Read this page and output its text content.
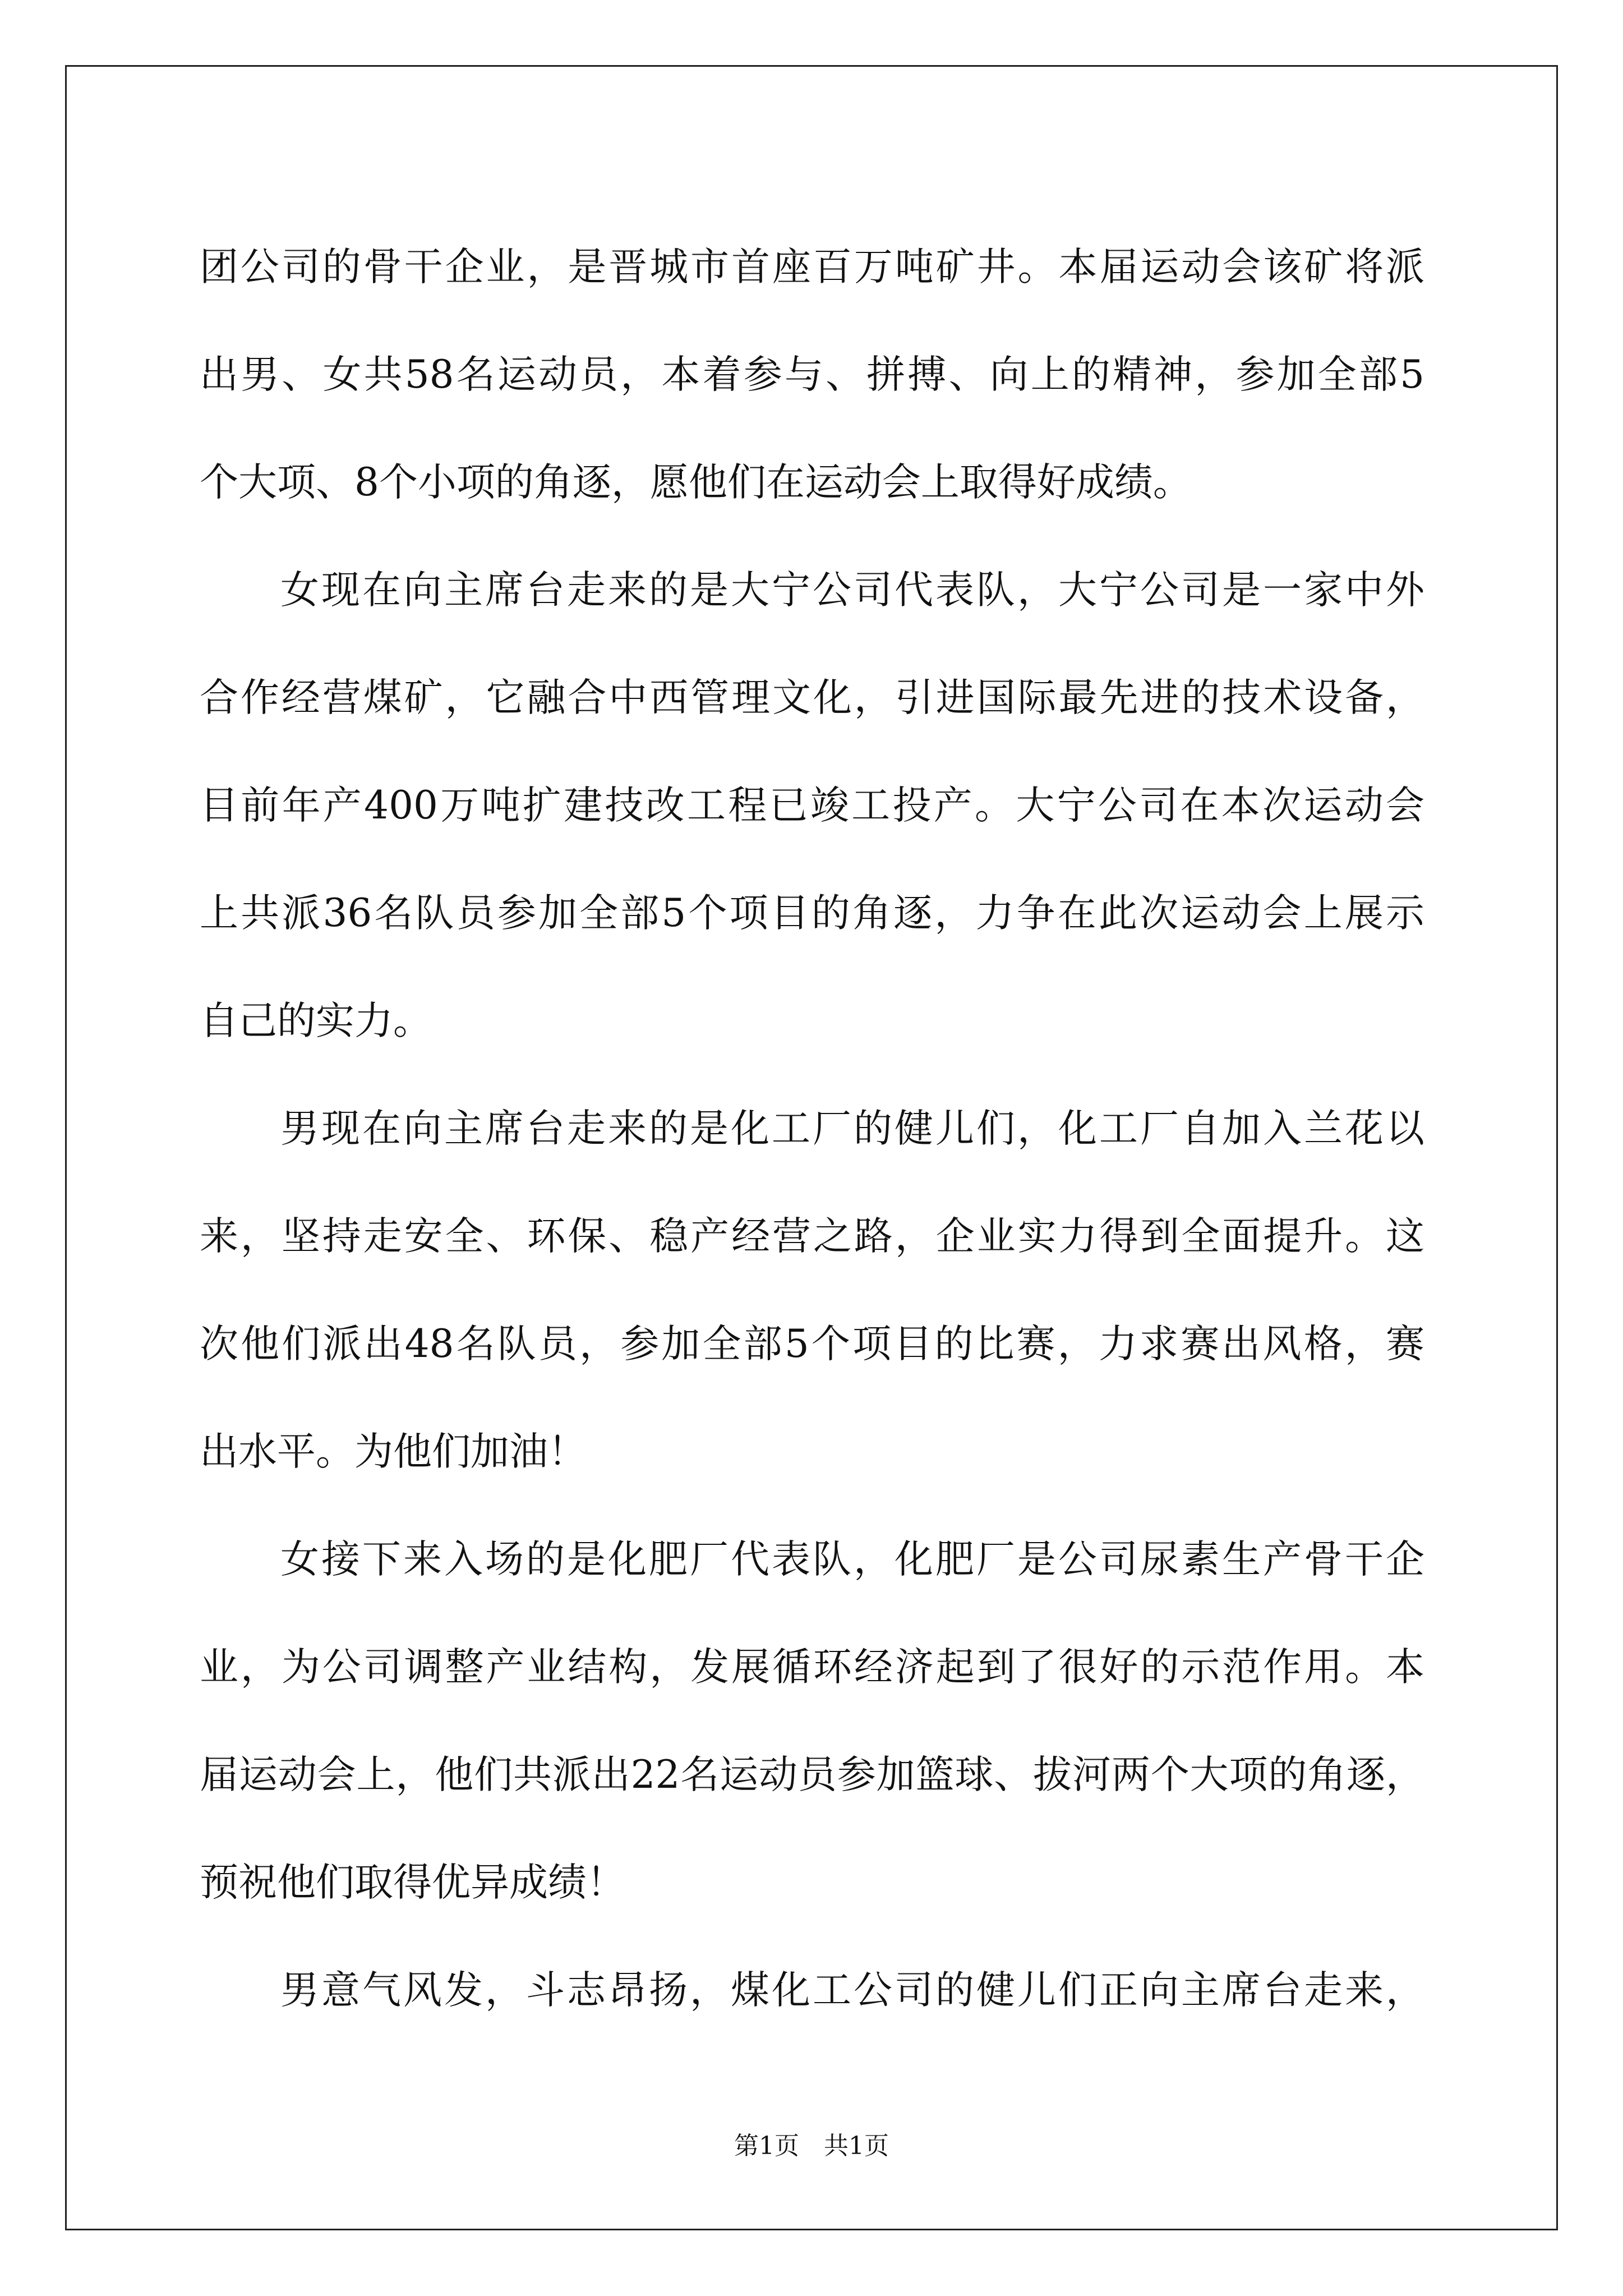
团公司的骨干企业，是晋城市首座百万吨矿井。本届运动会该矿将派
出男、女共58名运动员，本着参与、拼搏、向上的精神，参加全部5
个大项、8个小项的角逐，愿他们在运动会上取得好成绩。
女现在向主席台走来的是大宁公司代表队，大宁公司是一家中外
合作经营煤矿，它融合中西管理文化，引进国际最先进的技术设备，
目前年产400万吨扩建技改工程已竣工投产。大宁公司在本次运动会
上共派36名队员参加全部5个项目的角逐，力争在此次运动会上展示
自己的实力。
男现在向主席台走来的是化工厂的健儿们，化工厂自加入兰花以
来，坚持走安全、环保、稳产经营之路，企业实力得到全面提升。这
次他们派出48名队员，参加全部5个项目的比赛，力求赛出风格，赛
出水平。为他们加油！
女接下来入场的是化肥厂代表队，化肥厂是公司尿素生产骨干企
业，为公司调整产业结构，发展循环经济起到了很好的示范作用。本
届运动会上，他们共派出22名运动员参加篮球、拔河两个大项的角逐，
预祝他们取得优异成绩！
男意气风发，斗志昂扬，煤化工公司的健儿们正向主席台走来，
第1页　共1页
